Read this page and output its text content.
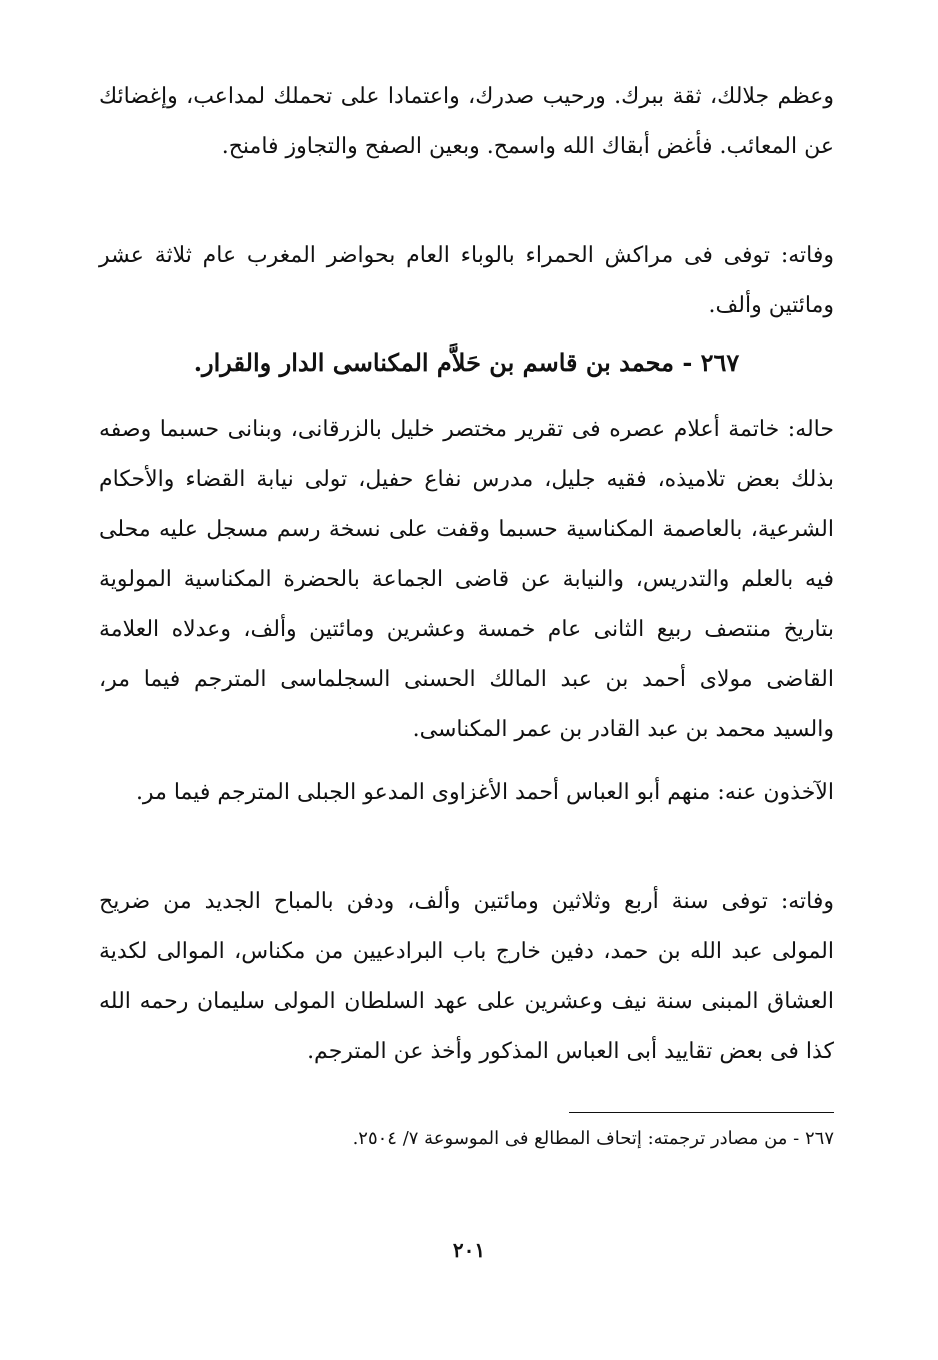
وعظم جلالك، ثقة ببرك. ورحيب صدرك، واعتمادا على تحملك لمداعب، وإغضائك عن المعائب. فأغض أبقاك الله واسمح. وبعين الصفح والتجاوز فامنح.

وفاته: توفى فى مراكش الحمراء بالوباء العام بحواضر المغرب عام ثلاثة عشر ومائتين وألف.

٢٦٧ - محمد بن قاسم بن حَلاَّم المكناسى الدار والقرار.

حاله: خاتمة أعلام عصره فى تقرير مختصر خليل بالزرقانى، وبنانى حسبما وصفه بذلك بعض تلاميذه، فقيه جليل، مدرس نفاع حفيل، تولى نيابة القضاء والأحكام الشرعية، بالعاصمة المكناسية حسبما وقفت على نسخة رسم مسجل عليه محلى فيه بالعلم والتدريس، والنيابة عن قاضى الجماعة بالحضرة المكناسية المولوية بتاريخ منتصف ربيع الثانى عام خمسة وعشرين ومائتين وألف، وعدلاه العلامة القاضى مولاى أحمد بن عبد المالك الحسنى السجلماسى المترجم فيما مر، والسيد محمد بن عبد القادر بن عمر المكناسى.

الآخذون عنه: منهم أبو العباس أحمد الأغزاوى المدعو الجبلى المترجم فيما مر.

وفاته: توفى سنة أربع وثلاثين ومائتين وألف، ودفن بالمباح الجديد من ضريح المولى عبد الله بن حمد، دفين خارج باب البرادعيين من مكناس، الموالى لكدية العشاق المبنى سنة نيف وعشرين على عهد السلطان المولى سليمان رحمه الله كذا فى بعض تقاييد أبى العباس المذكور وأخذ عن المترجم.

٢٦٧ - من مصادر ترجمته: إتحاف المطالع فى الموسوعة ٧/ ٢٥٠٤.

٢٠١
